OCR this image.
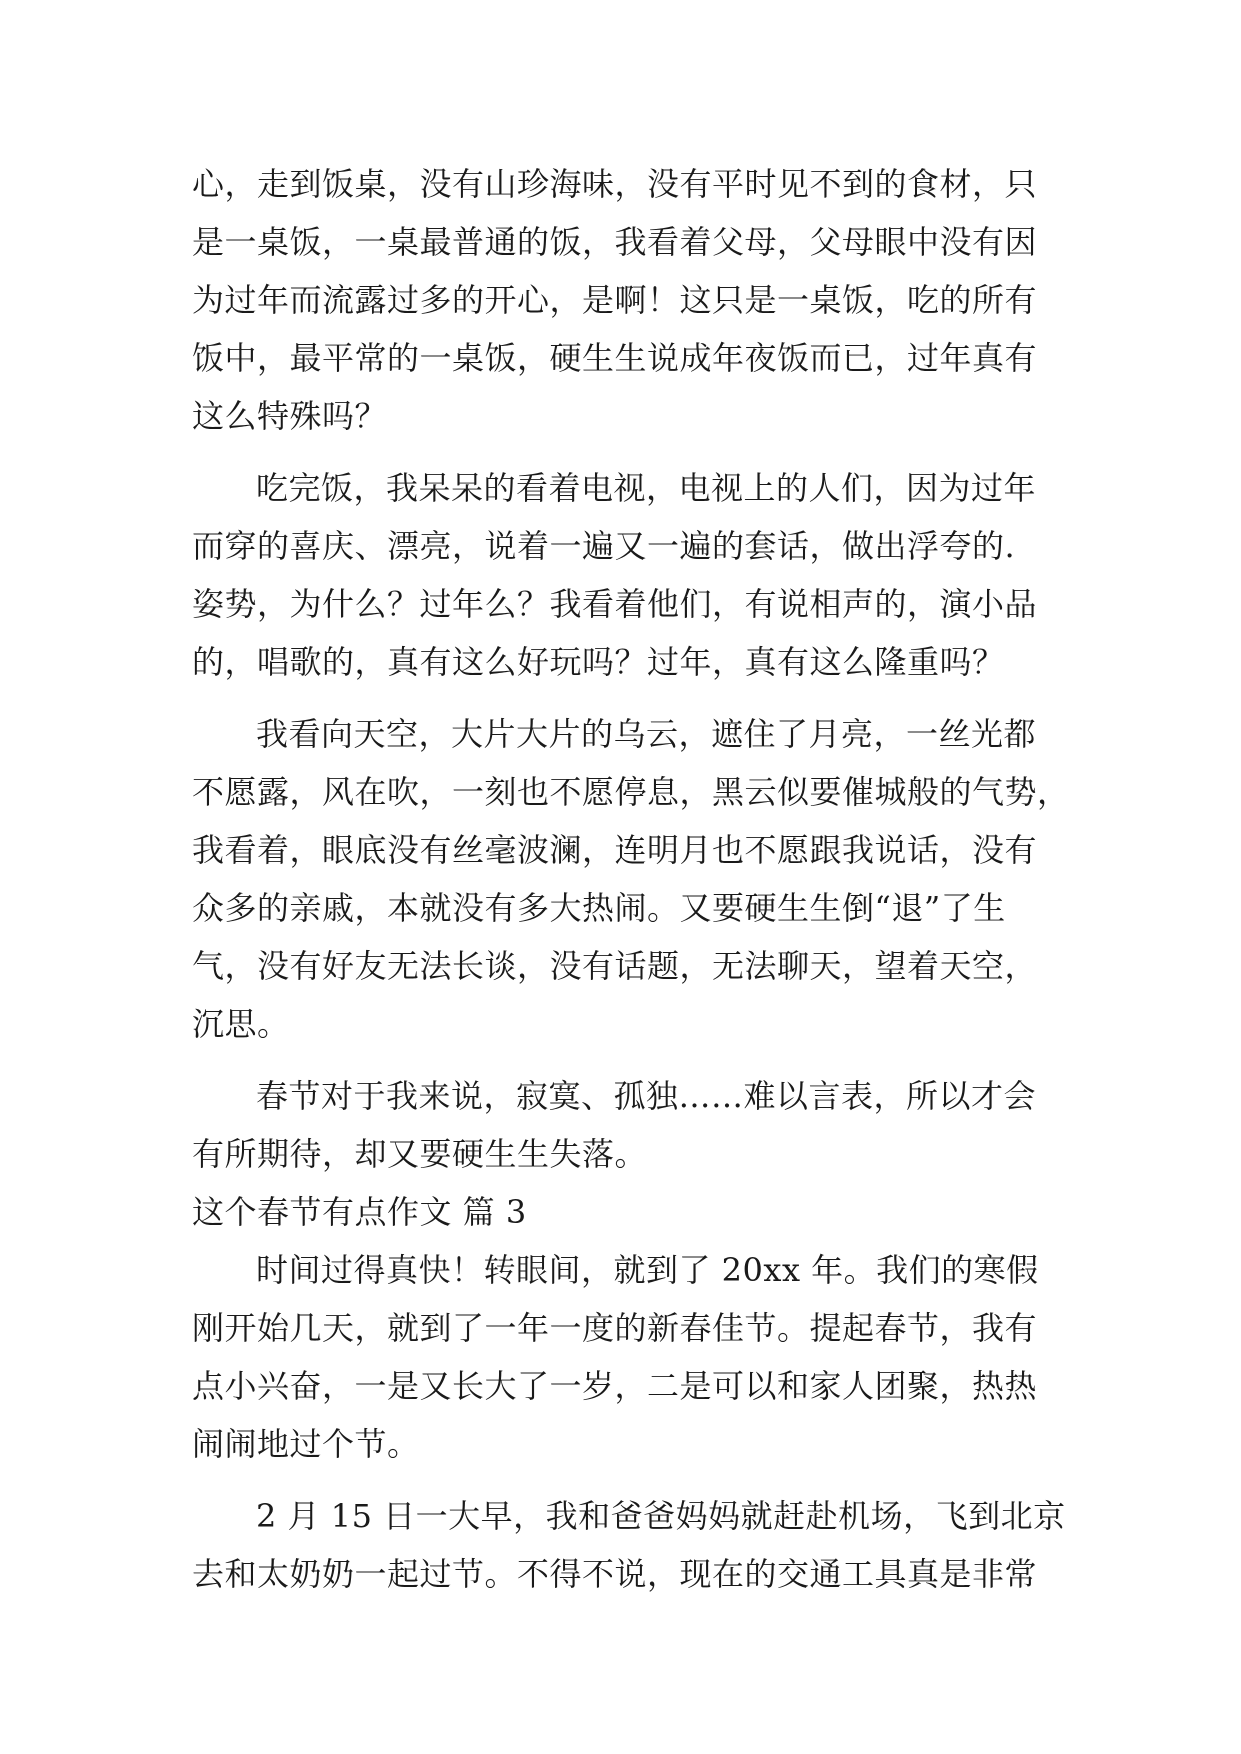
心，走到饭桌，没有山珍海味，没有平时见不到的食材，只
是一桌饭，一桌最普通的饭，我看着父母，父母眼中没有因
为过年而流露过多的开心，是啊！这只是一桌饭，吃的所有
饭中，最平常的一桌饭，硬生生说成年夜饭而已，过年真有
这么特殊吗？
吃完饭，我呆呆的看着电视，电视上的人们，因为过年
而穿的喜庆、漂亮，说着一遍又一遍的套话，做出浮夸的.
姿势，为什么？过年么？我看着他们，有说相声的，演小品
的，唱歌的，真有这么好玩吗？过年，真有这么隆重吗？
我看向天空，大片大片的乌云，遮住了月亮，一丝光都
不愿露，风在吹，一刻也不愿停息，黑云似要催城般的气势，
我看着，眼底没有丝毫波澜，连明月也不愿跟我说话，没有
众多的亲戚，本就没有多大热闹。又要硬生生倒“退”了生
气，没有好友无法长谈，没有话题，无法聊天，望着天空，
沉思。
春节对于我来说，寂寞、孤独……难以言表，所以才会
有所期待，却又要硬生生失落。
这个春节有点作文 篇 3
时间过得真快！转眼间，就到了 20xx 年。我们的寒假
刚开始几天，就到了一年一度的新春佳节。提起春节，我有
点小兴奋，一是又长大了一岁，二是可以和家人团聚，热热
闹闹地过个节。
2 月 15 日一大早，我和爸爸妈妈就赶赴机场，飞到北京
去和太奶奶一起过节。不得不说，现在的交通工具真是非常
